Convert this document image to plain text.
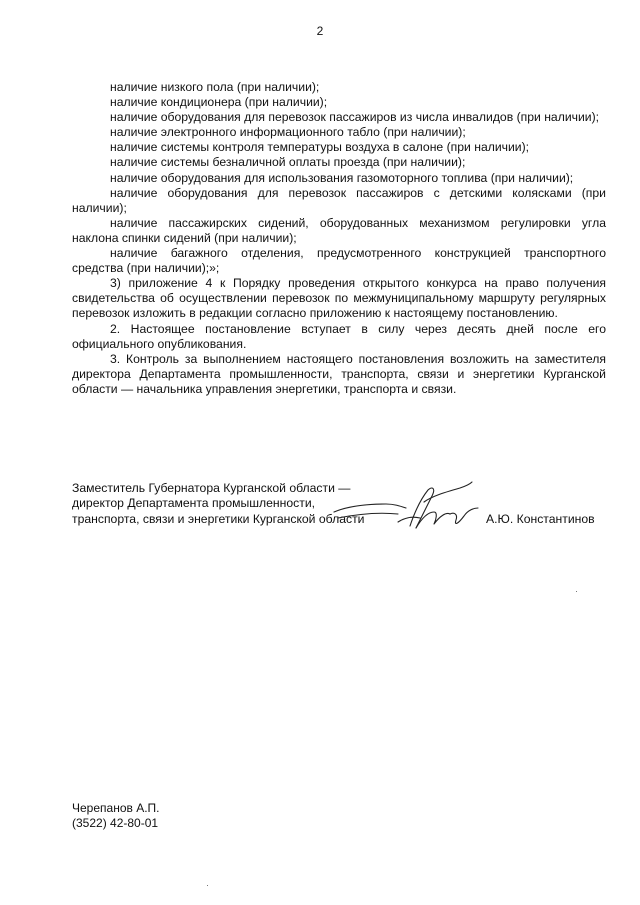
2

наличие низкого пола (при наличии);

наличие кондиционера (при наличии);

наличие оборудования для перевозок пассажиров из числа инвалидов (при наличии);

наличие электронного информационного табло (при наличии);

наличие системы контроля температуры воздуха в салоне (при наличии);

наличие системы безналичной оплаты проезда (при наличии);

наличие оборудования для использования газомоторного топлива (при наличии);

наличие оборудования для перевозок пассажиров с детскими колясками (при наличии);

наличие пассажирских сидений, оборудованных механизмом регулировки угла наклона спинки сидений (при наличии);

наличие багажного отделения, предусмотренного конструкцией транспортного средства (при наличии);»;

3) приложение 4 к Порядку проведения открытого конкурса на право получения свидетельства об осуществлении перевозок по межмуниципальному маршруту регулярных перевозок изложить в редакции согласно приложению к настоящему постановлению.

2. Настоящее постановление вступает в силу через десять дней после его официального опубликования.

3. Контроль за выполнением настоящего постановления возложить на заместителя директора Департамента промышленности, транспорта, связи и энергетики Курганской области — начальника управления энергетики, транспорта и связи.

Заместитель Губернатора Курганской области —
директор Департамента промышленности,
транспорта, связи и энергетики Курганской области	А.Ю. Константинов
Черепанов А.П.
(3522) 42-80-01
